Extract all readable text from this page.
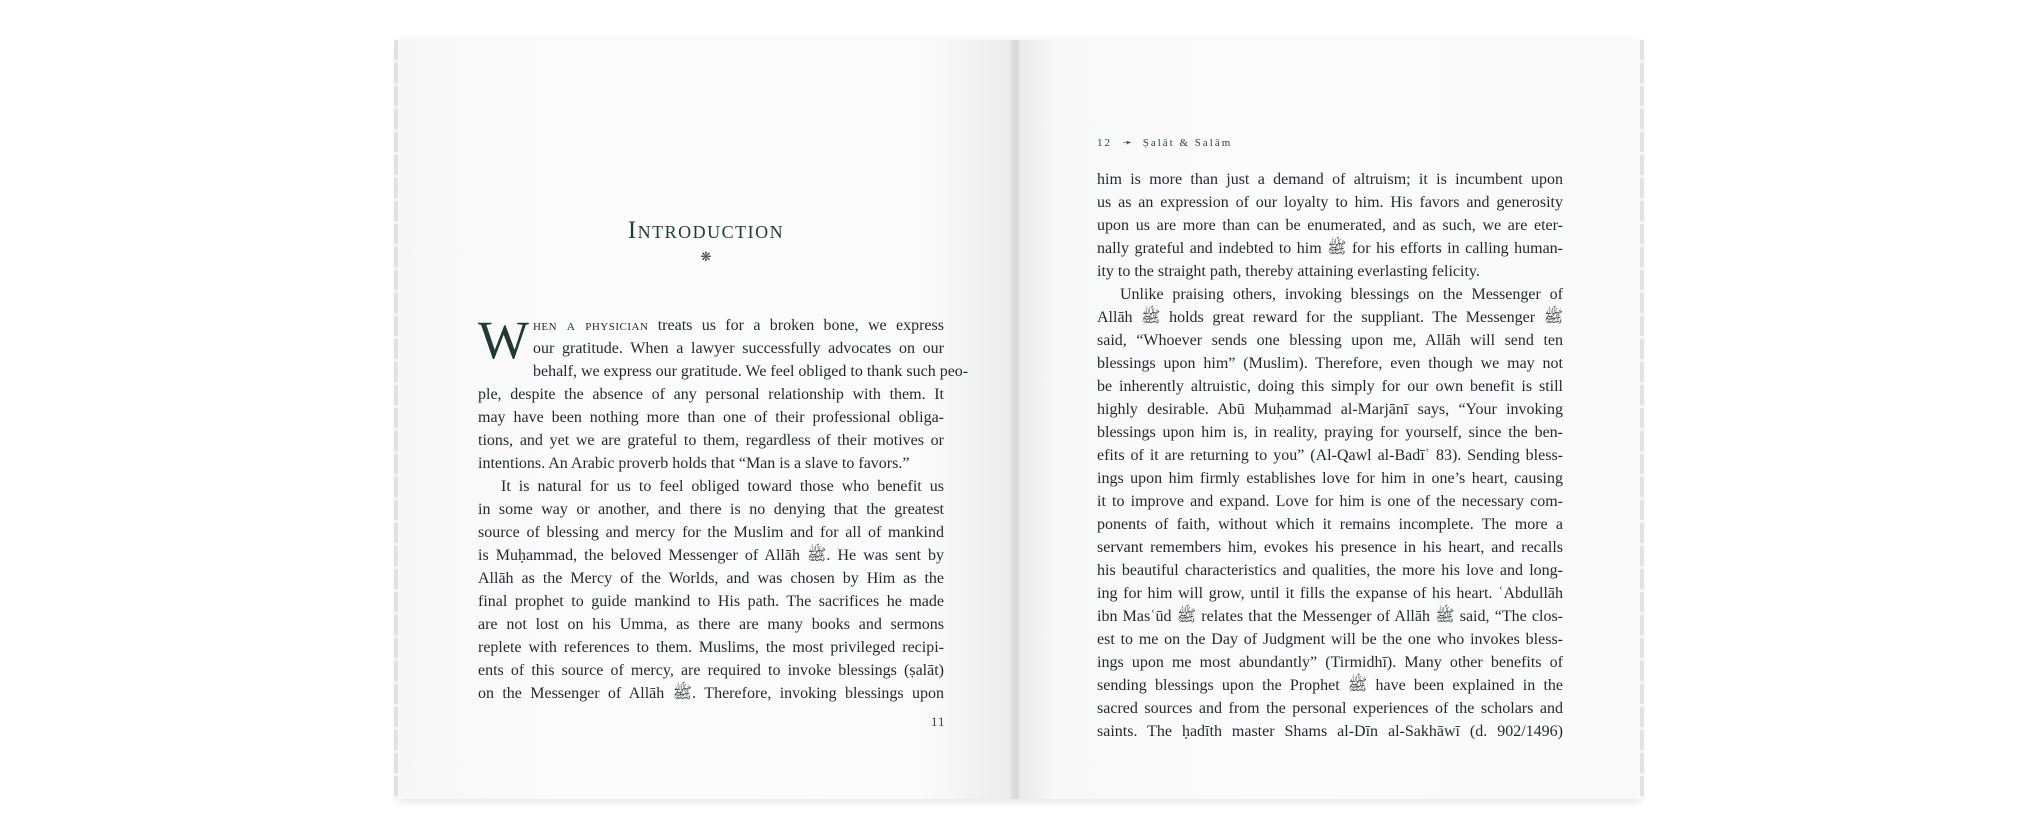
Introduction
❋
W hen a physician treats us for a broken bone, we express
our gratitude. When a lawyer successfully advocates on our
behalf, we express our gratitude. We feel obliged to thank such peo-
ple, despite the absence of any personal relationship with them. It
may have been nothing more than one of their professional obliga-
tions, and yet we are grateful to them, regardless of their motives or
intentions. An Arabic proverb holds that “Man is a slave to favors.”
It is natural for us to feel obliged toward those who benefit us
in some way or another, and there is no denying that the greatest
source of blessing and mercy for the Muslim and for all of mankind
is Muḥammad, the beloved Messenger of Allāh ﷺ. He was sent by
Allāh as the Mercy of the Worlds, and was chosen by Him as the
final prophet to guide mankind to His path. The sacrifices he made
are not lost on his Umma, as there are many books and sermons
replete with references to them. Muslims, the most privileged recipi-
ents of this source of mercy, are required to invoke blessings (ṣalāt)
on the Messenger of Allāh ﷺ. Therefore, invoking blessings upon
11
12 ➛ Ṣalāt & Salām
him is more than just a demand of altruism; it is incumbent upon
us as an expression of our loyalty to him. His favors and generosity
upon us are more than can be enumerated, and as such, we are eter-
nally grateful and indebted to him ﷺ for his efforts in calling human-
ity to the straight path, thereby attaining everlasting felicity.
Unlike praising others, invoking blessings on the Messenger of
Allāh ﷺ holds great reward for the suppliant. The Messenger ﷺ
said, “Whoever sends one blessing upon me, Allāh will send ten
blessings upon him” (Muslim). Therefore, even though we may not
be inherently altruistic, doing this simply for our own benefit is still
highly desirable. Abū Muḥammad al-Marjānī says, “Your invoking
blessings upon him is, in reality, praying for yourself, since the ben-
efits of it are returning to you” (Al-Qawl al-Badīʿ 83). Sending bless-
ings upon him firmly establishes love for him in one’s heart, causing
it to improve and expand. Love for him is one of the necessary com-
ponents of faith, without which it remains incomplete. The more a
servant remembers him, evokes his presence in his heart, and recalls
his beautiful characteristics and qualities, the more his love and long-
ing for him will grow, until it fills the expanse of his heart. ʿAbdullāh
ibn Masʿūd ﷺ relates that the Messenger of Allāh ﷺ said, “The clos-
est to me on the Day of Judgment will be the one who invokes bless-
ings upon me most abundantly” (Tirmidhī). Many other benefits of
sending blessings upon the Prophet ﷺ have been explained in the
sacred sources and from the personal experiences of the scholars and
saints. The ḥadīth master Shams al-Dīn al-Sakhāwī (d. 902/1496)
